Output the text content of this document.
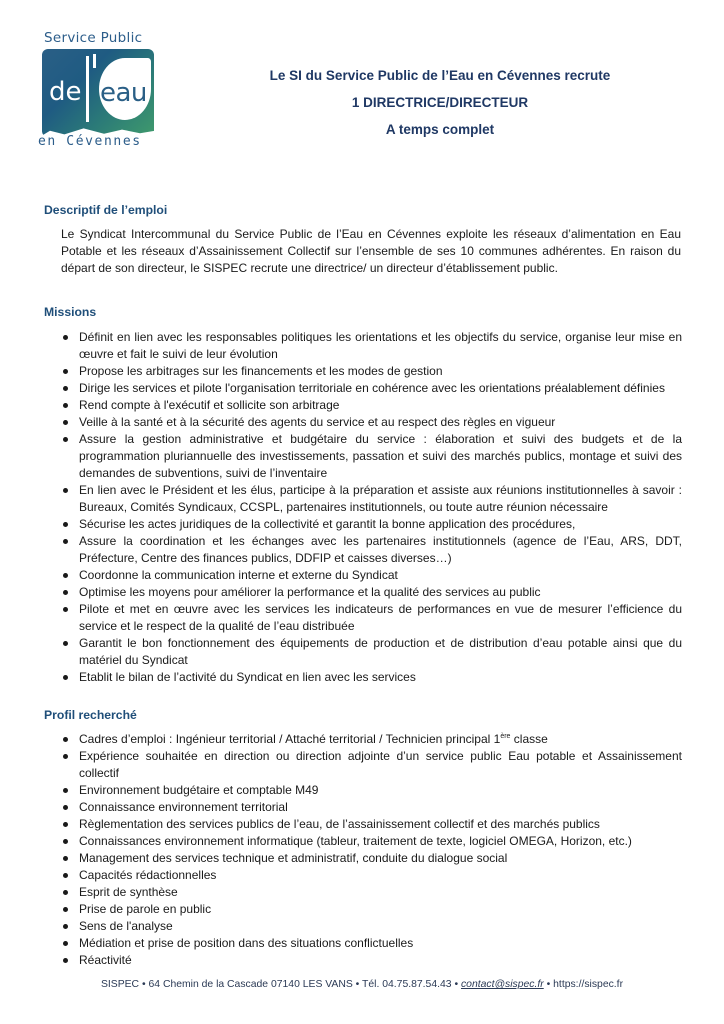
Service Public
de eau
en Cévennes
Le SI du Service Public de l’Eau en Cévennes recrute
1 DIRECTRICE/DIRECTEUR
A temps complet
Descriptif de l’emploi
Le Syndicat Intercommunal du Service Public de l’Eau en Cévennes exploite les réseaux d’alimentation en Eau Potable et les réseaux d’Assainissement Collectif sur l’ensemble de ses 10 communes adhérentes. En raison du départ de son directeur, le SISPEC recrute une directrice/ un directeur d’établissement public.
Missions
Définit en lien avec les responsables politiques les orientations et les objectifs du service, organise leur mise en œuvre et fait le suivi de leur évolution
Propose les arbitrages sur les financements et les modes de gestion
Dirige les services et pilote l'organisation territoriale en cohérence avec les orientations préalablement définies
Rend compte à l'exécutif et sollicite son arbitrage
Veille à la santé et à la sécurité des agents du service et au respect des règles en vigueur
Assure la gestion administrative et budgétaire du service : élaboration et suivi des budgets et de la programmation pluriannuelle des investissements, passation et suivi des marchés publics, montage et suivi des demandes de subventions, suivi de l’inventaire
En lien avec le Président et les élus, participe à la préparation et assiste aux réunions institutionnelles à savoir : Bureaux, Comités Syndicaux, CCSPL, partenaires institutionnels, ou toute autre réunion nécessaire
Sécurise les actes juridiques de la collectivité et garantit la bonne application des procédures,
Assure la coordination et les échanges avec les partenaires institutionnels (agence de l’Eau, ARS, DDT, Préfecture, Centre des finances publics, DDFIP et caisses diverses…)
Coordonne la communication interne et externe du Syndicat
Optimise les moyens pour améliorer la performance et la qualité des services au public
Pilote et met en œuvre avec les services les indicateurs de performances en vue de mesurer l’efficience du service et le respect de la qualité de l’eau distribuée
Garantit le bon fonctionnement des équipements de production et de distribution d’eau potable ainsi que du matériel du Syndicat
Etablit le bilan de l’activité du Syndicat en lien avec les services
Profil recherché
Cadres d’emploi : Ingénieur territorial / Attaché territorial / Technicien principal 1ère classe
Expérience souhaitée en direction ou direction adjointe d’un service public Eau potable et Assainissement collectif
Environnement budgétaire et comptable M49
Connaissance environnement territorial
Règlementation des services publics de l’eau, de l’assainissement collectif et des marchés publics
Connaissances environnement informatique (tableur, traitement de texte, logiciel OMEGA, Horizon, etc.)
Management des services technique et administratif, conduite du dialogue social
Capacités rédactionnelles
Esprit de synthèse
Prise de parole en public
Sens de l'analyse
Médiation et prise de position dans des situations conflictuelles
Réactivité
SISPEC • 64 Chemin de la Cascade 07140 LES VANS • Tél. 04.75.87.54.43 • contact@sispec.fr • https://sispec.fr
